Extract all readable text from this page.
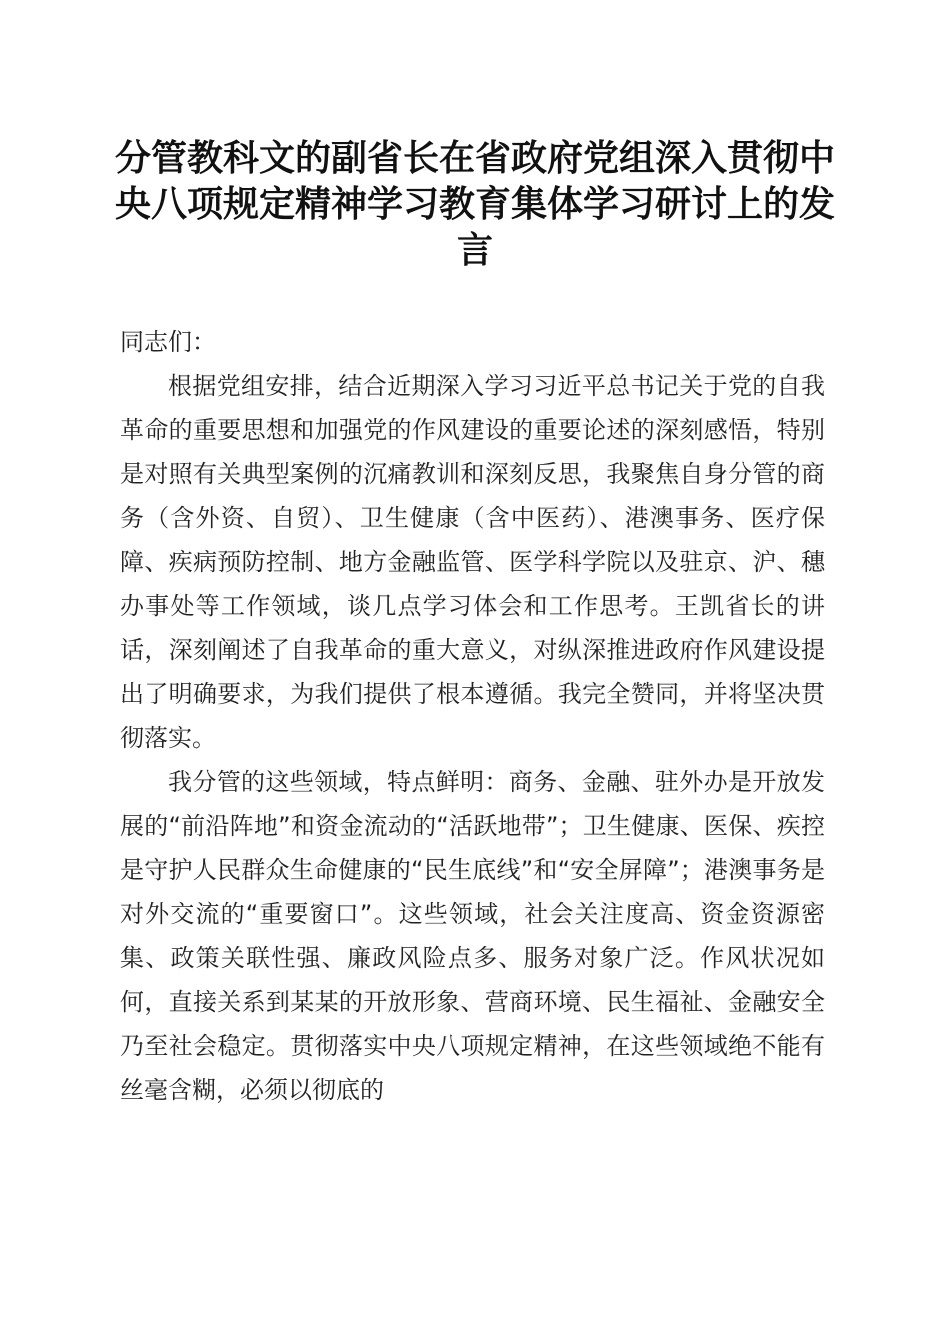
分管教科文的副省长在省政府党组深入贯彻中央八项规定精神学习教育集体学习研讨上的发言

同志们：

根据党组安排，结合近期深入学习习近平总书记关于党的自我革命的重要思想和加强党的作风建设的重要论述的深刻感悟，特别是对照有关典型案例的沉痛教训和深刻反思，我聚焦自身分管的商务（含外资、自贸）、卫生健康（含中医药）、港澳事务、医疗保障、疾病预防控制、地方金融监管、医学科学院以及驻京、沪、穗办事处等工作领域，谈几点学习体会和工作思考。王凯省长的讲话，深刻阐述了自我革命的重大意义，对纵深推进政府作风建设提出了明确要求，为我们提供了根本遵循。我完全赞同，并将坚决贯彻落实。

我分管的这些领域，特点鲜明：商务、金融、驻外办是开放发展的“前沿阵地”和资金流动的“活跃地带”；卫生健康、医保、疾控是守护人民群众生命健康的“民生底线”和“安全屏障”；港澳事务是对外交流的“重要窗口”。这些领域，社会关注度高、资金资源密集、政策关联性强、廉政风险点多、服务对象广泛。作风状况如何，直接关系到某某的开放形象、营商环境、民生福祉、金融安全乃至社会稳定。贯彻落实中央八项规定精神，在这些领域绝不能有丝毫含糊，必须以彻底的
